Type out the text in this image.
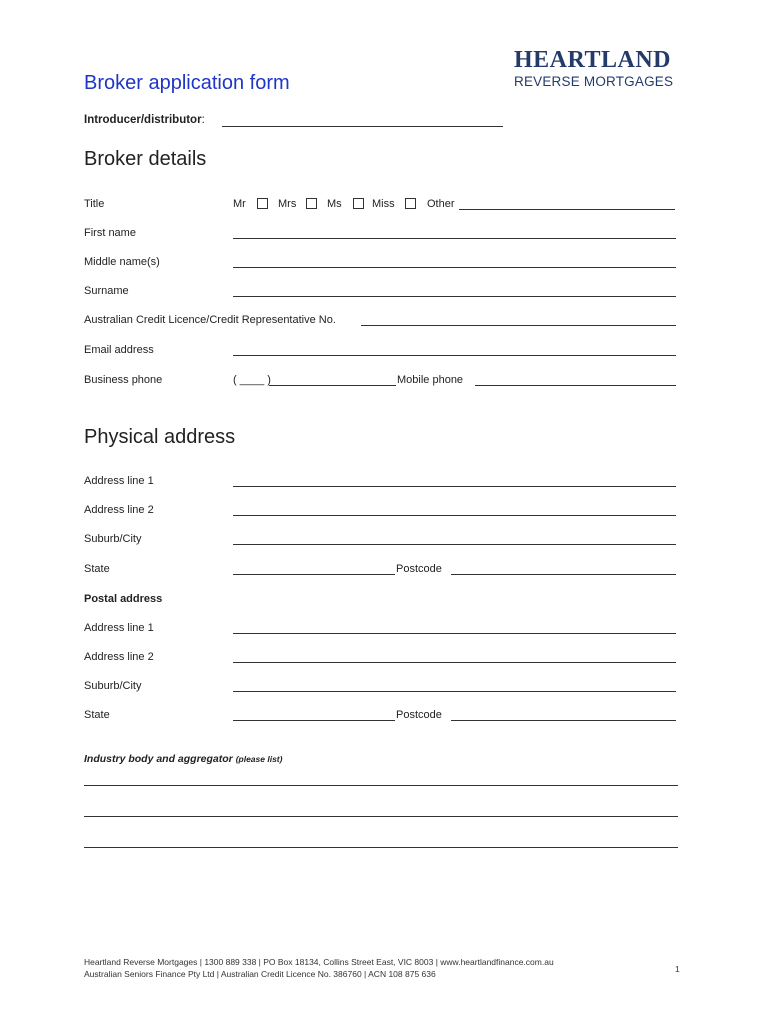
HEARTLAND
REVERSE MORTGAGES
Broker application form
Introducer/distributor:
Broker details
Title	Mr	Mrs	Ms	Miss	Other
First name
Middle name(s)
Surname
Australian Credit Licence/Credit Representative No.
Email address
Business phone	( ____ )	Mobile phone
Physical address
Address line 1
Address line 2
Suburb/City
State	Postcode
Postal address
Address line 1
Address line 2
Suburb/City
State	Postcode
Industry body and aggregator (please list)
Heartland Reverse Mortgages | 1300 889 338 | PO Box 18134, Collins Street East, VIC 8003 | www.heartlandfinance.com.au
Australian Seniors Finance Pty Ltd | Australian Credit Licence No. 386760 | ACN 108 875 636	1
